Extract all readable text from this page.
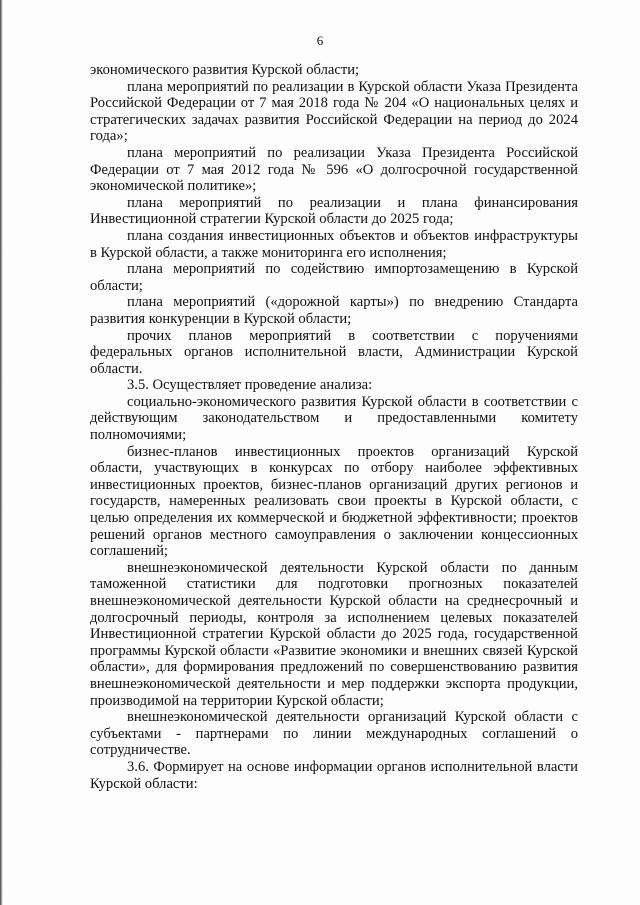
6

экономического развития Курской области;

плана мероприятий по реализации в Курской области Указа Президента Российской Федерации от 7 мая 2018 года № 204 «О национальных целях и стратегических задачах развития Российской Федерации на период до 2024 года»;

плана мероприятий по реализации Указа Президента Российской Федерации от 7 мая 2012 года № 596 «О долгосрочной государственной экономической политике»;

плана мероприятий по реализации и плана финансирования Инвестиционной стратегии Курской области до 2025 года;

плана создания инвестиционных объектов и объектов инфраструктуры в Курской области, а также мониторинга его исполнения;

плана мероприятий по содействию импортозамещению в Курской области;

плана мероприятий («дорожной карты») по внедрению Стандарта развития конкуренции в Курской области;

прочих планов мероприятий в соответствии с поручениями федеральных органов исполнительной власти, Администрации Курской области.

3.5. Осуществляет проведение анализа:

социально-экономического развития Курской области в соответствии с действующим законодательством и предоставленными комитету полномочиями;

бизнес-планов инвестиционных проектов организаций Курской области, участвующих в конкурсах по отбору наиболее эффективных инвестиционных проектов, бизнес-планов организаций других регионов и государств, намеренных реализовать свои проекты в Курской области, с целью определения их коммерческой и бюджетной эффективности; проектов решений органов местного самоуправления о заключении концессионных соглашений;

внешнеэкономической деятельности Курской области по данным таможенной статистики для подготовки прогнозных показателей внешнеэкономической деятельности Курской области на среднесрочный и долгосрочный периоды, контроля за исполнением целевых показателей Инвестиционной стратегии Курской области до 2025 года, государственной программы Курской области «Развитие экономики и внешних связей Курской области», для формирования предложений по совершенствованию развития внешнеэкономической деятельности и мер поддержки экспорта продукции, производимой на территории Курской области;

внешнеэкономической деятельности организаций Курской области с субъектами - партнерами по линии международных соглашений о сотрудничестве.

3.6. Формирует на основе информации органов исполнительной власти Курской области:
